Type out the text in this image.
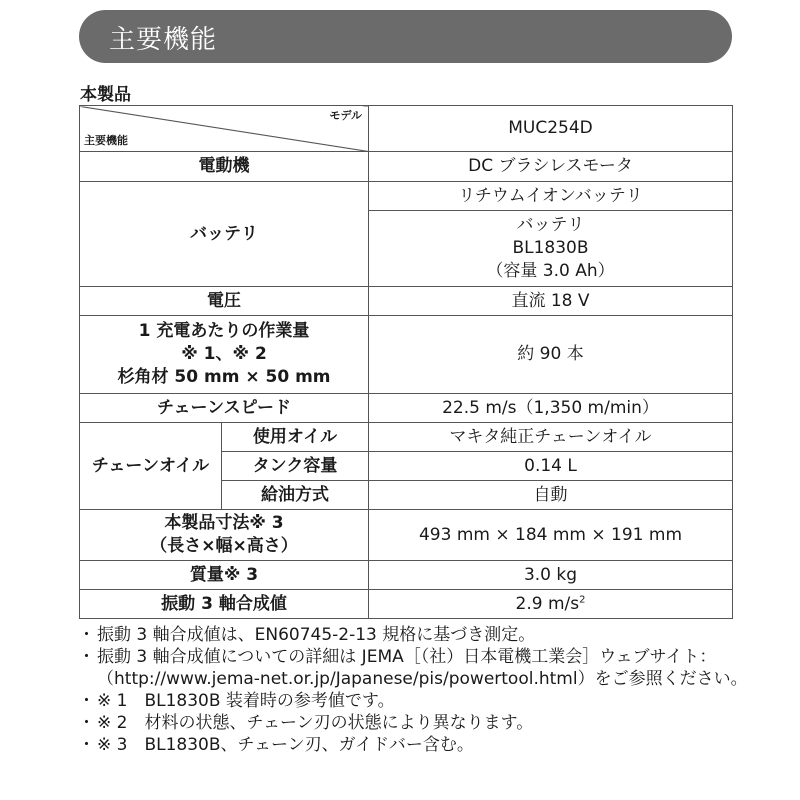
主要機能
本製品
モデル
主要機能		MUC254D
電動機		DC ブラシレスモータ
バッテリ		リチウムイオンバッテリ

		バッテリ
BL1830B
（容量 3.0 Ah）

電圧		直流 18 V

1 充電あたりの作業量
※ 1、※ 2
杉角材 50 mm × 50 mm		約 90 本
チェーンスピード		22.5 m/s（1,350 m/min）
チェーンオイル	使用オイル	マキタ純正チェーンオイル
	タンク容量	0.14 L
	給油方式	自動

本製品寸法※ 3
（長さ×幅×高さ）		493 mm × 184 mm × 191 mm
質量※ 3		3.0 kg
振動 3 軸合成値		2.9 $m/s^2$
・ 振動 3 軸合成値は、EN60745-2-13 規格に基づき測定。
・ 振動 3 軸合成値についての詳細は JEMA［（社）日本電機工業会］ウェブサイト：（http://www.jema-net.or.jp/Japanese/pis/powertool.html）をご参照ください。
・ ※ 1　BL1830B 装着時の参考値です。
・ ※ 2　材料の状態、チェーン刃の状態により異なります。
・ ※ 3　BL1830B、チェーン刃、ガイドバー含む。
